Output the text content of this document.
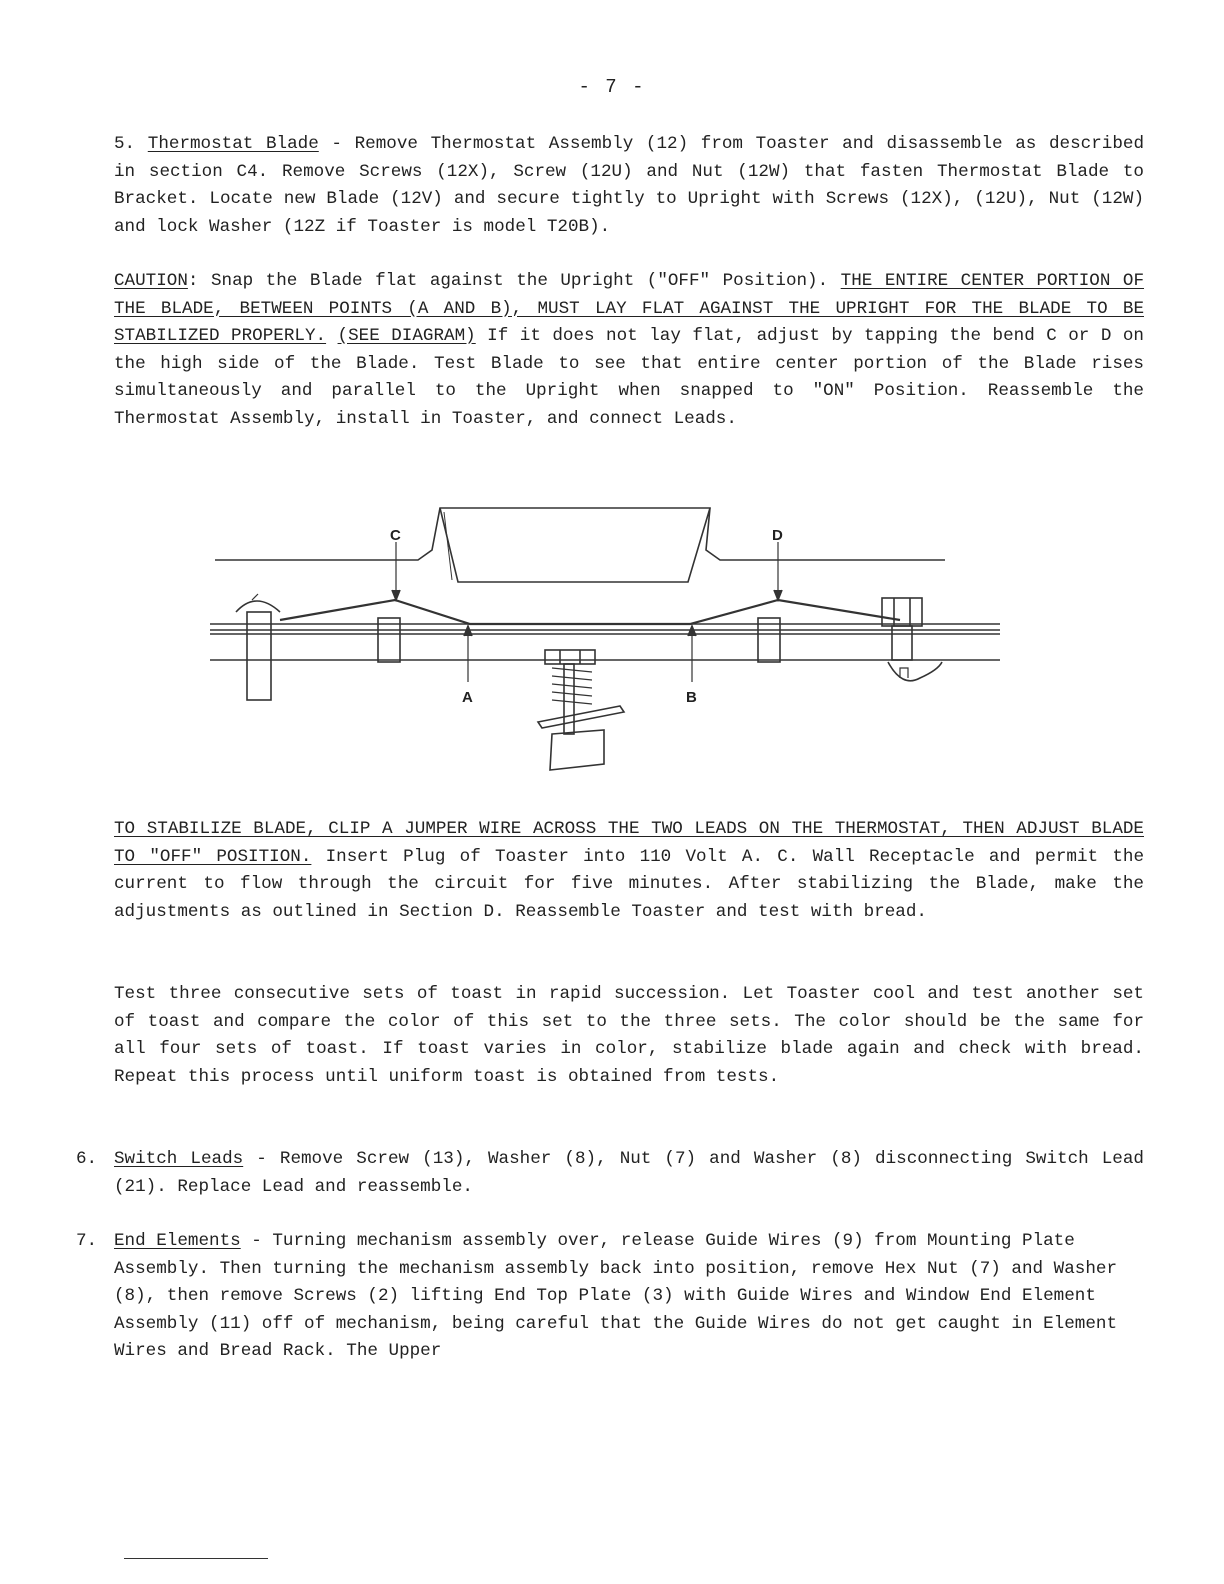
- 7 -
5. Thermostat Blade - Remove Thermostat Assembly (12) from Toaster and disassemble as described in section C4. Remove Screws (12X), Screw (12U) and Nut (12W) that fasten Thermostat Blade to Bracket. Locate new Blade (12V) and secure tightly to Upright with Screws (12X), (12U), Nut (12W) and lock Washer (12Z if Toaster is model T20B).
CAUTION: Snap the Blade flat against the Upright ("OFF" Position). THE ENTIRE CENTER PORTION OF THE BLADE, BETWEEN POINTS (A AND B), MUST LAY FLAT AGAINST THE UPRIGHT FOR THE BLADE TO BE STABILIZED PROPERLY. (SEE DIAGRAM) If it does not lay flat, adjust by tapping the bend C or D on the high side of the Blade. Test Blade to see that entire center portion of the Blade rises simultaneously and parallel to the Upright when snapped to "ON" Position. Reassemble the Thermostat Assembly, install in Toaster, and connect Leads.
C	D
A	B
TO STABILIZE BLADE, CLIP A JUMPER WIRE ACROSS THE TWO LEADS ON THE THERMOSTAT, THEN ADJUST BLADE TO "OFF" POSITION. Insert Plug of Toaster into 110 Volt A. C. Wall Receptacle and permit the current to flow through the circuit for five minutes. After stabilizing the Blade, make the adjustments as outlined in Section D. Reassemble Toaster and test with bread.
Test three consecutive sets of toast in rapid succession. Let Toaster cool and test another set of toast and compare the color of this set to the three sets. The color should be the same for all four sets of toast. If toast varies in color, stabilize blade again and check with bread. Repeat this process until uniform toast is obtained from tests.
6. Switch Leads - Remove Screw (13), Washer (8), Nut (7) and Washer (8) disconnecting Switch Lead (21). Replace Lead and reassemble.
7. End Elements - Turning mechanism assembly over, release Guide Wires (9) from Mounting Plate Assembly. Then turning the mechanism assembly back into position, remove Hex Nut (7) and Washer (8), then remove Screws (2) lifting End Top Plate (3) with Guide Wires and Window End Element Assembly (11) off of mechanism, being careful that the Guide Wires do not get caught in Element Wires and Bread Rack. The Upper
